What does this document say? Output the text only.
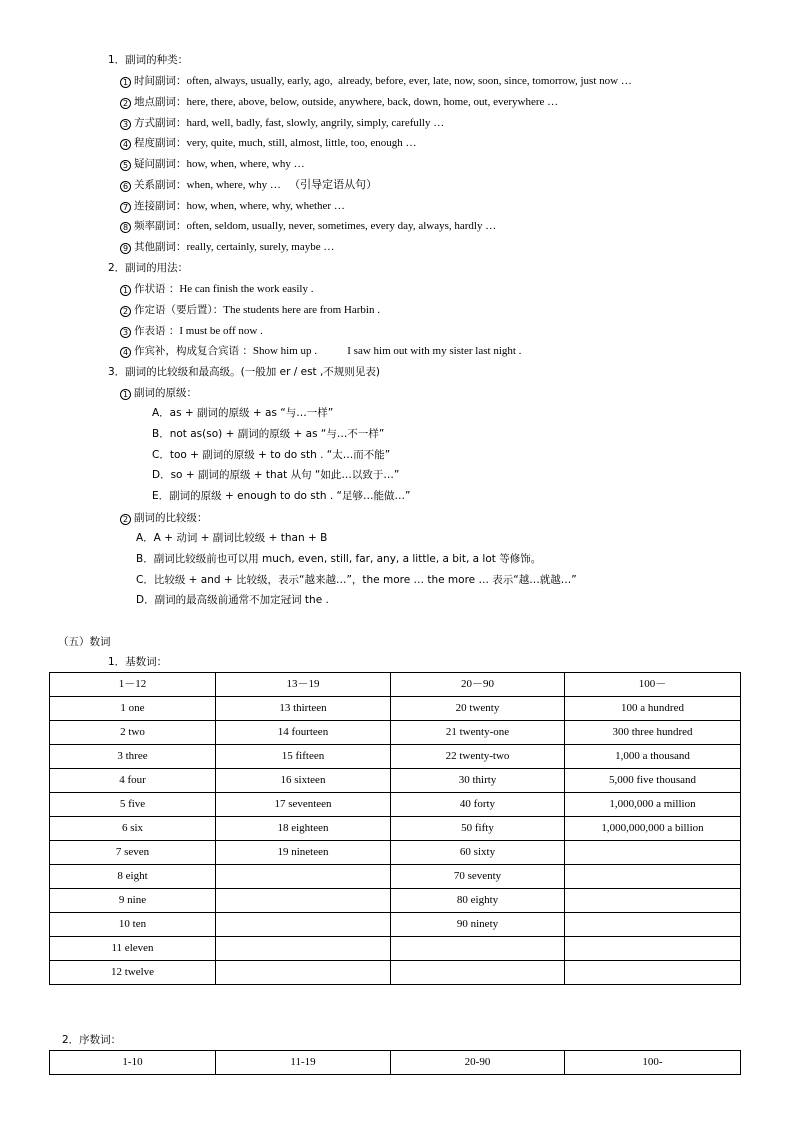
1．副词的种类：
1 时间副词：often, always, usually, early, ago,  already, before, ever, late, now, soon, since, tomorrow, just now …
2 地点副词：here, there, above, below, outside, anywhere, back, down, home, out, everywhere …
3 方式副词：hard, well, badly, fast, slowly, angrily, simply, carefully …
4 程度副词：very, quite, much, still, almost, little, too, enough …
5 疑问副词：how, when, where, why …
6 关系副词：when, where, why …   （引导定语从句）
7 连接副词：how, when, where, why, whether …
8 频率副词：often, seldom, usually, never, sometimes, every day, always, hardly …
9 其他副词：really, certainly, surely, maybe …
2．副词的用法：
1 作状语 ：He can finish the work easily .
2 作定语（要后置）：The students here are from Harbin .
3 作表语 ：I must be off now .
4 作宾补，构成复合宾语 ：Show him up .           I saw him out with my sister last night .
3．副词的比较级和最高级。(一般加 er / est ,不规则见表)
1 副词的原级：
A．as + 副词的原级 + as “与…一样”
B．not as(so) + 副词的原级 + as “与…不一样”
C．too + 副词的原级 + to do sth . “太…而不能”
D．so + 副词的原级 + that 从句 “如此…以致于…”
E．副词的原级 + enough to do sth . “足够…能做…”
2 副词的比较级：
A．A + 动词 + 副词比较级 + than + B
B．副词比较级前也可以用 much, even, still, far, any, a little, a bit, a lot 等修饰。
C．比较级 + and + 比较级，表示“越来越…”，the more … the more … 表示“越…就越…”
D．副词的最高级前通常不加定冠词 the .
（五）数词
1．基数词：
1－12	13－19	20－90	100－
1 one	13 thirteen	20 twenty	100 a hundred
2 two	14 fourteen	21 twenty-one	300 three hundred
3 three	15 fifteen	22 twenty-two	1,000 a thousand
4 four	16 sixteen	30 thirty	5,000 five thousand
5 five	17 seventeen	40 forty	1,000,000 a million
6 six	18 eighteen	50 fifty	1,000,000,000 a billion
7 seven	19 nineteen	60 sixty	
8 eight		70 seventy	
9 nine		80 eighty	
10 ten		90 ninety	
11 eleven			
12 twelve			
2．序数词：
1-10	11-19	20-90	100-
